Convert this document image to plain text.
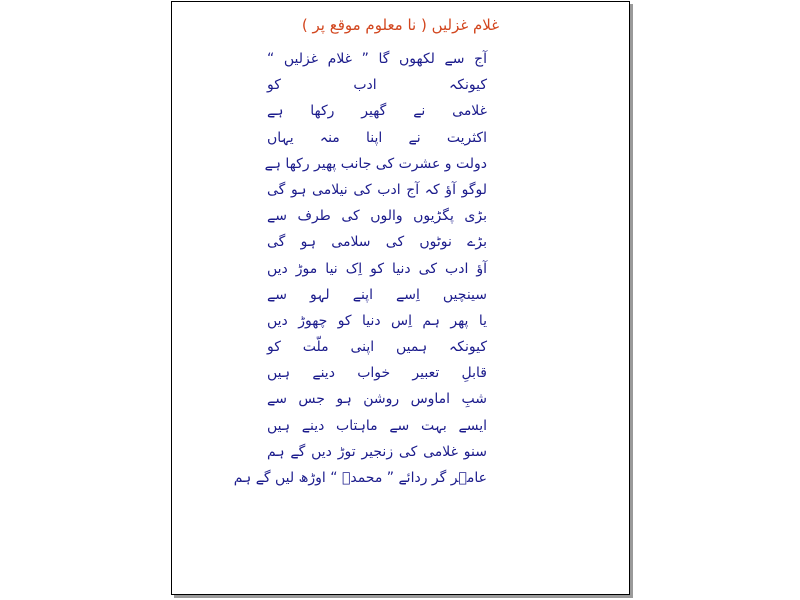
غلام غزلیں ( نا معلوم موقع پر )
آج سے لکھوں گا ” غلام غزلیں “
کیونکہ ادب کو
غلامی نے گھیر رکھا ہے
اکثریت نے اپنا منہ یہاں
دولت و عشرت کی جانب پھیر رکھا ہے
لوگو آؤ کہ آج ادب کی نیلامی ہو گی
بڑی پگڑیوں والوں کی طرف سے
بڑے نوٹوں کی سلامی ہو گی
آؤ ادب کی دنیا کو اِک نیا موڑ دیں
سینچیں اِسے اپنے لہو سے
یا پھر ہم اِس دنیا کو چھوڑ دیں
کیونکہ ہمیں اپنی ملّت کو
قابلِ تعبیر خواب دینے ہیں
شبِ اماوس روشن ہو جس سے
ایسے بہت سے ماہتاب دینے ہیں
سنو غلامی کی زنجیر توڑ دیں گے ہم
عامؔر گر ردائے ” محمدؐ “ اوڑھ لیں گے ہم
